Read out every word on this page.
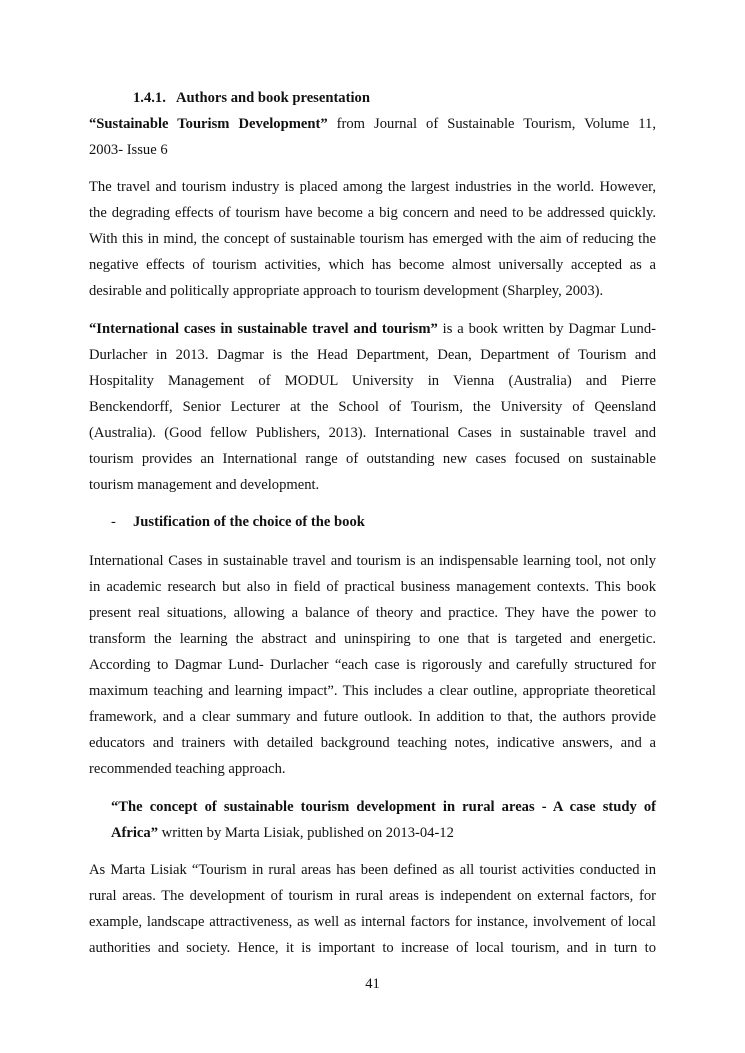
1.4.1. Authors and book presentation
“Sustainable Tourism Development” from Journal of Sustainable Tourism, Volume 11,
2003- Issue 6
The travel and tourism industry is placed among the largest industries in the world. However,
the degrading effects of tourism have become a big concern and need to be addressed quickly.
With this in mind, the concept of sustainable tourism has emerged with the aim of reducing the
negative effects of tourism activities, which has become almost universally accepted as a
desirable and politically appropriate approach to tourism development (Sharpley, 2003).
“International cases in sustainable travel and tourism” is a book written by Dagmar Lund-
Durlacher in 2013. Dagmar is the Head Department, Dean, Department of Tourism and
Hospitality Management of MODUL University in Vienna (Australia) and Pierre
Benckendorff, Senior Lecturer at the School of Tourism, the University of Qeensland
(Australia). (Good fellow Publishers, 2013). International Cases in sustainable travel and
tourism provides an International range of outstanding new cases focused on sustainable
tourism management and development.
-	Justification of the choice of the book
International Cases in sustainable travel and tourism is an indispensable learning tool, not only
in academic research but also in field of practical business management contexts. This book
present real situations, allowing a balance of theory and practice. They have the power to
transform the learning the abstract and uninspiring to one that is targeted and energetic.
According to Dagmar Lund- Durlacher “each case is rigorously and carefully structured for
maximum teaching and learning impact”. This includes a clear outline, appropriate theoretical
framework, and a clear summary and future outlook. In addition to that, the authors provide
educators and trainers with detailed background teaching notes, indicative answers, and a
recommended teaching approach.
“The concept of sustainable tourism development in rural areas - A case study of
Africa” written by Marta Lisiak, published on 2013-04-12
As Marta Lisiak “Tourism in rural areas has been defined as all tourist activities conducted in
rural areas. The development of tourism in rural areas is independent on external factors, for
example, landscape attractiveness, as well as internal factors for instance, involvement of local
authorities and society. Hence, it is important to increase of local tourism, and in turn to
41
